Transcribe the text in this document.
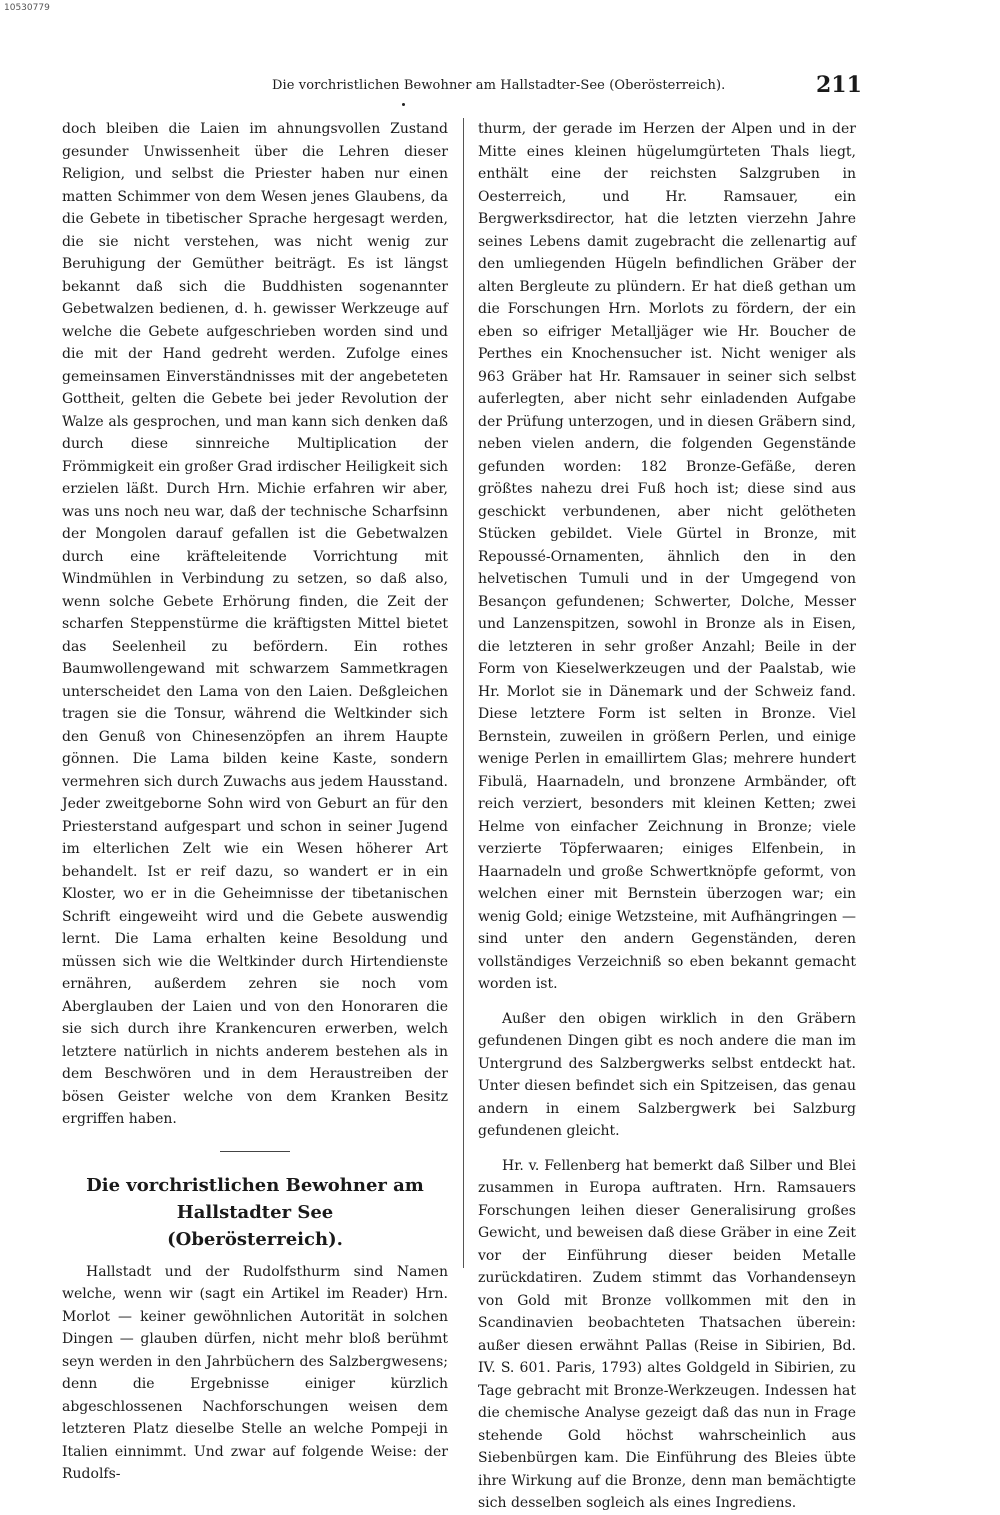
10530779
Die vorchristlichen Bewohner am Hallstadter-See (Oberösterreich).	211

doch bleiben die Laien im ahnungsvollen Zustand gesunder Unwissenheit über die Lehren dieser Religion, und selbst die Priester haben nur einen matten Schimmer von dem Wesen jenes Glaubens, da die Gebete in tibetischer Sprache hergesagt werden, die sie nicht verstehen, was nicht wenig zur Beruhigung der Gemüther beiträgt. Es ist längst bekannt daß sich die Buddhisten sogenannter Gebetwalzen bedienen, d. h. gewisser Werkzeuge auf welche die Gebete aufgeschrieben worden sind und die mit der Hand gedreht werden. Zufolge eines gemeinsamen Einverständnisses mit der angebeteten Gottheit, gelten die Gebete bei jeder Revolution der Walze als gesprochen, und man kann sich denken daß durch diese sinnreiche Multiplication der Frömmigkeit ein großer Grad irdischer Heiligkeit sich erzielen läßt. Durch Hrn. Michie erfahren wir aber, was uns noch neu war, daß der technische Scharfsinn der Mongolen darauf gefallen ist die Gebetwalzen durch eine kräfteleitende Vorrichtung mit Windmühlen in Verbindung zu setzen, so daß also, wenn solche Gebete Erhörung finden, die Zeit der scharfen Steppenstürme die kräftigsten Mittel bietet das Seelenheil zu befördern. Ein rothes Baumwollengewand mit schwarzem Sammetkragen unterscheidet den Lama von den Laien. Deßgleichen tragen sie die Tonsur, während die Weltkinder sich den Genuß von Chinesenzöpfen an ihrem Haupte gönnen. Die Lama bilden keine Kaste, sondern vermehren sich durch Zuwachs aus jedem Hausstand. Jeder zweitgeborne Sohn wird von Geburt an für den Priesterstand aufgespart und schon in seiner Jugend im elterlichen Zelt wie ein Wesen höherer Art behandelt. Ist er reif dazu, so wandert er in ein Kloster, wo er in die Geheimnisse der tibetanischen Schrift eingeweiht wird und die Gebete auswendig lernt. Die Lama erhalten keine Besoldung und müssen sich wie die Weltkinder durch Hirtendienste ernähren, außerdem zehren sie noch vom Aberglauben der Laien und von den Honoraren die sie sich durch ihre Krankencuren erwerben, welch letztere natürlich in nichts anderem bestehen als in dem Beschwören und in dem Heraustreiben der bösen Geister welche von dem Kranken Besitz ergriffen haben.

Die vorchristlichen Bewohner am Hallstadter See
(Oberösterreich).

Hallstadt und der Rudolfsthurm sind Namen welche, wenn wir (sagt ein Artikel im Reader) Hrn. Morlot — keiner gewöhnlichen Autorität in solchen Dingen — glauben dürfen, nicht mehr bloß berühmt seyn werden in den Jahrbüchern des Salzbergwesens; denn die Ergebnisse einiger kürzlich abgeschlossenen Nachforschungen weisen dem letzteren Platz dieselbe Stelle an welche Pompeji in Italien einnimmt. Und zwar auf folgende Weise: der Rudolfs-

thurm, der gerade im Herzen der Alpen und in der Mitte eines kleinen hügelumgürteten Thals liegt, enthält eine der reichsten Salzgruben in Oesterreich, und Hr. Ramsauer, ein Bergwerksdirector, hat die letzten vierzehn Jahre seines Lebens damit zugebracht die zellenartig auf den umliegenden Hügeln befindlichen Gräber der alten Bergleute zu plündern. Er hat dieß gethan um die Forschungen Hrn. Morlots zu fördern, der ein eben so eifriger Metalljäger wie Hr. Boucher de Perthes ein Knochensucher ist. Nicht weniger als 963 Gräber hat Hr. Ramsauer in seiner sich selbst auferlegten, aber nicht sehr einladenden Aufgabe der Prüfung unterzogen, und in diesen Gräbern sind, neben vielen andern, die folgenden Gegenstände gefunden worden: 182 Bronze-Gefäße, deren größtes nahezu drei Fuß hoch ist; diese sind aus geschickt verbundenen, aber nicht gelötheten Stücken gebildet. Viele Gürtel in Bronze, mit Repoussé-Ornamenten, ähnlich den in den helvetischen Tumuli und in der Umgegend von Besançon gefundenen; Schwerter, Dolche, Messer und Lanzenspitzen, sowohl in Bronze als in Eisen, die letzteren in sehr großer Anzahl; Beile in der Form von Kieselwerkzeugen und der Paalstab, wie Hr. Morlot sie in Dänemark und der Schweiz fand. Diese letztere Form ist selten in Bronze. Viel Bernstein, zuweilen in größern Perlen, und einige wenige Perlen in emaillirtem Glas; mehrere hundert Fibulä, Haarnadeln, und bronzene Armbänder, oft reich verziert, besonders mit kleinen Ketten; zwei Helme von einfacher Zeichnung in Bronze; viele verzierte Töpferwaaren; einiges Elfenbein, in Haarnadeln und große Schwertknöpfe geformt, von welchen einer mit Bernstein überzogen war; ein wenig Gold; einige Wetzsteine, mit Aufhängringen — sind unter den andern Gegenständen, deren vollständiges Verzeichniß so eben bekannt gemacht worden ist.

Außer den obigen wirklich in den Gräbern gefundenen Dingen gibt es noch andere die man im Untergrund des Salzbergwerks selbst entdeckt hat. Unter diesen befindet sich ein Spitzeisen, das genau andern in einem Salzbergwerk bei Salzburg gefundenen gleicht.

Hr. v. Fellenberg hat bemerkt daß Silber und Blei zusammen in Europa auftraten. Hrn. Ramsauers Forschungen leihen dieser Generalisirung großes Gewicht, und beweisen daß diese Gräber in eine Zeit vor der Einführung dieser beiden Metalle zurückdatiren. Zudem stimmt das Vorhandenseyn von Gold mit Bronze vollkommen mit den in Scandinavien beobachteten Thatsachen überein: außer diesen erwähnt Pallas (Reise in Sibirien, Bd. IV. S. 601. Paris, 1793) altes Goldgeld in Sibirien, zu Tage gebracht mit Bronze-Werkzeugen. Indessen hat die chemische Analyse gezeigt daß das nun in Frage stehende Gold höchst wahrscheinlich aus Siebenbürgen kam. Die Einführung des Bleies übte ihre Wirkung auf die Bronze, denn man bemächtigte sich desselben sogleich als eines Ingrediens.
